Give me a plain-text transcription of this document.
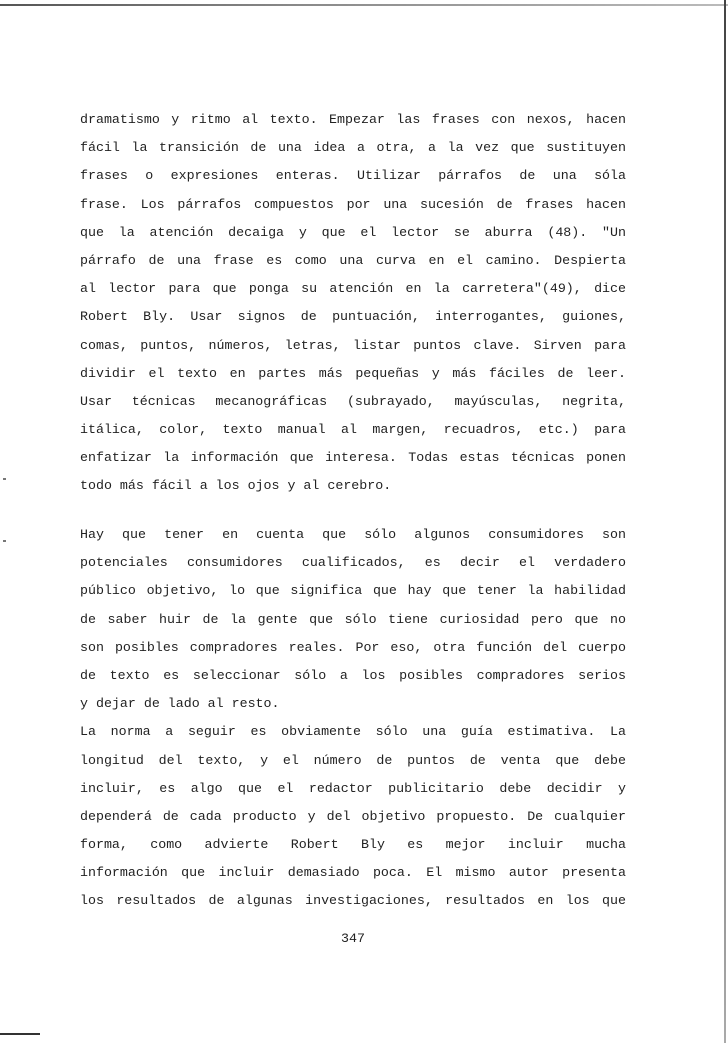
dramatismo y ritmo al texto. Empezar las frases con nexos, hacen
fácil la transición de una idea a otra, a la vez que sustituyen
frases o expresiones enteras. Utilizar párrafos de una sóla
frase. Los párrafos compuestos por una sucesión de frases hacen
que la atención decaiga y que el lector se aburra (48). "Un
párrafo de una frase es como una curva en el camino. Despierta
al lector para que ponga su atención en la carretera"(49), dice
Robert Bly. Usar signos de puntuación, interrogantes, guiones,
comas, puntos, números, letras, listar puntos clave. Sirven para
dividir el texto en partes más pequeñas y más fáciles de leer.
Usar técnicas mecanográficas (subrayado, mayúsculas, negrita,
itálica, color, texto manual al margen, recuadros, etc.) para
enfatizar la información que interesa. Todas estas técnicas ponen
todo más fácil a los ojos y al cerebro.
Hay que tener en cuenta que sólo algunos consumidores son
potenciales consumidores cualificados, es decir el verdadero
público objetivo, lo que significa que hay que tener la habilidad
de saber huir de la gente que sólo tiene curiosidad pero que no
son posibles compradores reales. Por eso, otra función del cuerpo
de texto es seleccionar sólo a los posibles compradores serios
y dejar de lado al resto.
La norma a seguir es obviamente sólo una guía estimativa. La
longitud del texto, y el número de puntos de venta que debe
incluir, es algo que el redactor publicitario debe decidir y
dependerá de cada producto y del objetivo propuesto. De cualquier
forma, como advierte Robert Bly es mejor incluir mucha
información que incluir demasiado poca. El mismo autor presenta
los resultados de algunas investigaciones, resultados en los que
347
